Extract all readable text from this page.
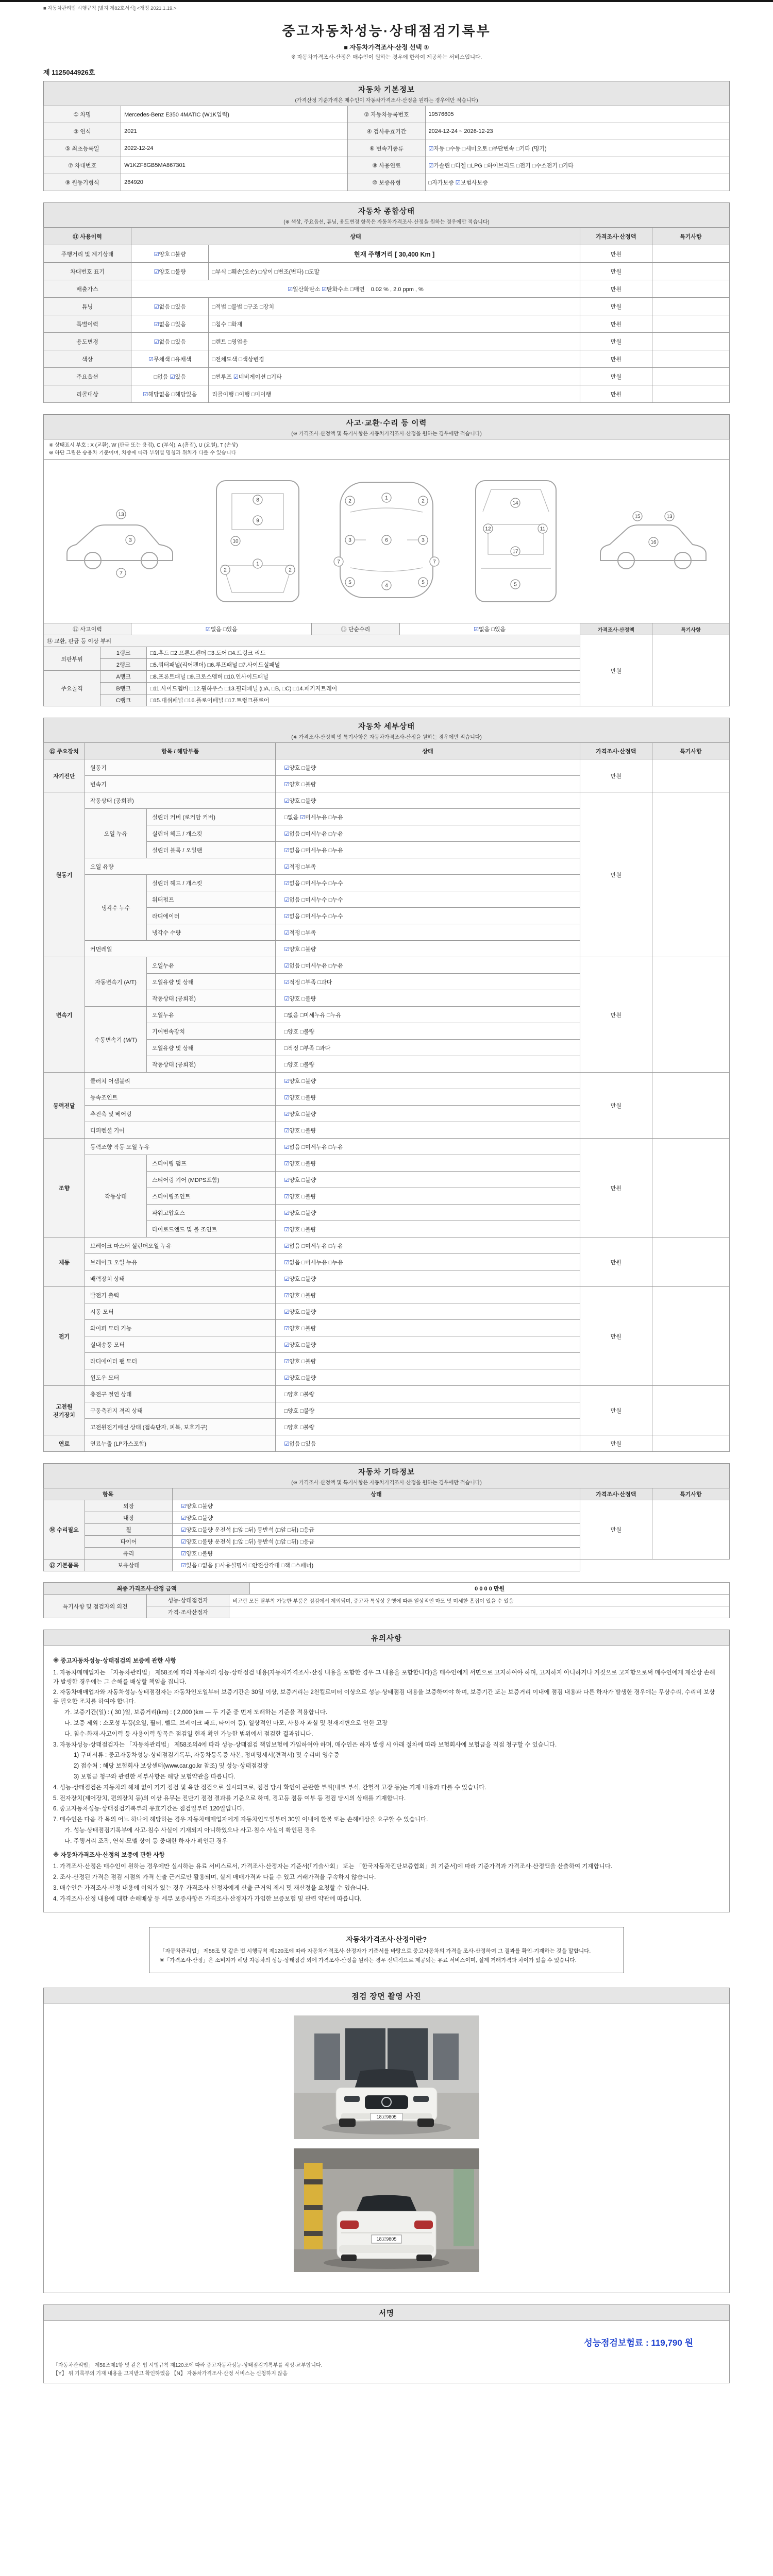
■ 자동차관리법 시행규칙 [별지 제82호서식] <개정 2021.1.19.>
중고자동차성능·상태점검기록부
■ 자동차가격조사·산정 선택 ①
※ 자동차가격조사·산정은 매수인이 원하는 경우에 한하여 제공하는 서비스입니다.
제 1125044926호
자동차 기본정보
(가격산정 기준가격은 매수인이 자동차가격조사·산정을 원하는 경우에만 적습니다)
① 차명	Mercedes-Benz E350 4MATIC (W1K입력)	② 자동차등록번호	19576605
③ 연식	2021	④ 검사유효기간	2024-12-24 ~ 2026-12-23
⑤ 최초등록일	2022-12-24	⑥ 변속기종류	☑자동 □수동 □세미오토 □무단변속 □기타 (명기)
⑦ 차대번호	W1KZF8GB5MA867301	⑧ 사용연료	☑가솔린 □디젤 □LPG □하이브리드 □전기 □수소전기 □기타
⑨ 원동기형식	264920	⑩ 보증유형	□자가보증 ☑보험사보증
자동차 종합상태
(※ 색상, 주요옵션, 튜닝, 용도변경 항목은 자동차가격조사·산정을 원하는 경우에만 적습니다)
⑪ 사용이력	상태		가격조사·산정액	특기사항
주행거리 및 계기상태	☑양호 □불량	현재 주행거리 [ 30,400 Km ]	만원	
차대번호 표기	☑양호 □불량	□부식 □훼손(오손) □상이 □변조(변타) □도말	만원	
배출가스	☑일산화탄소 ☑탄화수소 □매연    0.02 % , 2.0 ppm , %		만원	
튜닝	☑없음 □있음	□적법 □불법 □구조 □장치	만원	
특별이력	☑없음 □있음	□침수 □화재	만원	
용도변경	☑없음 □있음	□렌트 □영업용	만원	
색상	☑무채색 □유채색	□전체도색 □색상변경	만원	
주요옵션	□없음 ☑있음	□썬루프 ☑네비게이션 □기타	만원	
리콜대상	☑해당없음 □해당있음	리콜이행 □이행 □미이행	만원	
사고·교환·수리 등 이력
(※ 가격조사·산정액 및 특기사항은 자동차가격조사·산정을 원하는 경우에만 적습니다)
※ 상태표시 부호 : X (교환), W (판금 또는 용접), C (부식), A (흠집), U (요철), T (손상)
※ 하단 그림은 승용차 기준이며, 차종에 따라 부위별 명칭과 위치가 다를 수 있습니다
13
3
7
8
9
10
1
2	2
1
2	2
3	3
6
7	7
5	5
4
14
12	11
17
5
15	13
16
⑫ 사고이력	☑없음 □있음	⑬ 단순수리	☑없음 □있음	가격조사·산정액	특기사항
⑭ 교환, 판금 등 이상 부위			만원	
외판부위	1랭크	□1.후드 □2.프론트펜더 □3.도어 □4.트렁크 리드		
	2랭크	□5.쿼터패널(리어펜더) □6.루프패널 □7.사이드실패널		
주요골격	A랭크	□8.프론트패널 □9.크로스멤버 □10.인사이드패널		
	B랭크	□11.사이드멤버 □12.휠하우스 □13.필러패널 (□A, □B, □C) □14.패키지트레이		
	C랭크	□15.대쉬패널 □16.플로어패널 □17.트렁크플로어		
자동차 세부상태
(※ 가격조사·산정액 및 특기사항은 자동차가격조사·산정을 원하는 경우에만 적습니다)
⑮ 주요장치	항목 / 해당부품		상태	가격조사·산정액	특기사항
자기진단	원동기		☑양호 □불량	만원	
	변속기		☑양호 □불량		
원동기	작동상태 (공회전)		☑양호 □불량	만원	
	오일 누유	실린더 커버 (로커암 커버)	□없음 ☑미세누유 □누유		
		실린더 헤드 / 개스킷	☑없음 □미세누유 □누유		
		실린더 블록 / 오일팬	☑없음 □미세누유 □누유		
	오일 유량		☑적정 □부족		
	냉각수 누수	실린더 헤드 / 개스킷	☑없음 □미세누수 □누수		
		워터펌프	☑없음 □미세누수 □누수		
		라디에이터	☑없음 □미세누수 □누수		
		냉각수 수량	☑적정 □부족		
	커먼레일		☑양호 □불량		
변속기	자동변속기 (A/T)	오일누유	☑없음 □미세누유 □누유	만원	
		오일유량 및 상태	☑적정 □부족 □과다		
		작동상태 (공회전)	☑양호 □불량		
	수동변속기 (M/T)	오일누유	□없음 □미세누유 □누유		
		기어변속장치	□양호 □불량		
		오일유량 및 상태	□적정 □부족 □과다		
		작동상태 (공회전)	□양호 □불량		
동력전달	클러치 어셈블리		☑양호 □불량	만원	
	등속조인트		☑양호 □불량		
	추진축 및 베어링		☑양호 □불량		
	디퍼렌셜 기어		☑양호 □불량		
조향	동력조향 작동 오일 누유		☑없음 □미세누유 □누유	만원	
	작동상태	스티어링 펌프	☑양호 □불량		
		스티어링 기어 (MDPS포함)	☑양호 □불량		
		스티어링조인트	☑양호 □불량		
		파워고압호스	☑양호 □불량		
		타이로드엔드 및 볼 조인트	☑양호 □불량		
제동	브레이크 마스터 실린더오일 누유		☑없음 □미세누유 □누유	만원	
	브레이크 오일 누유		☑없음 □미세누유 □누유		
	배력장치 상태		☑양호 □불량		
전기	발전기 출력		☑양호 □불량	만원	
	시동 모터		☑양호 □불량		
	와이퍼 모터 기능		☑양호 □불량		
	실내송풍 모터		☑양호 □불량		
	라디에이터 팬 모터		☑양호 □불량		
	윈도우 모터		☑양호 □불량		
고전원 전기장치	충전구 절연 상태		□양호 □불량	만원	
	구동축전지 격리 상태		□양호 □불량		
	고전원전기배선 상태 (접속단자, 피복, 보호기구)		□양호 □불량		
연료	연료누출 (LP가스포함)		☑없음 □있음	만원	
자동차 기타정보
(※ 가격조사·산정액 및 특기사항은 자동차가격조사·산정을 원하는 경우에만 적습니다)
항목		상태	가격조사·산정액	특기사항
⑯ 수리필요	외장	☑양호 □불량	만원	
	내장	☑양호 □불량		
	휠	☑양호 □불량 운전석 (□앞 □뒤) 동반석 (□앞 □뒤) □응급		
	타이어	☑양호 □불량 운전석 (□앞 □뒤) 동반석 (□앞 □뒤) □응급		
	유리	☑양호 □불량		
⑰ 기본품목	보유상태	☑있음 □없음 (□사용설명서 □안전삼각대 □잭 □스패너)		
최종 가격조사·산정 금액	0 0 0 0 만원
특기사항 및 점검자의 의견	성능·상태점검자	비고란 모든 탈부착 가능한 부품은 점검에서 제외되며, 중고차 특성상 운행에 따른 일상적인 마모 및 미세한 흠집이 있을 수 있음
	가격·조사산정자	
유의사항

※ 중고자동차성능·상태점검의 보증에 관한 사항

1. 자동차매매업자는 「자동차관리법」 제58조에 따라 자동차의 성능·상태점검 내용(자동차가격조사·산정 내용을 포함한 경우 그 내용을 포함합니다)을 매수인에게 서면으로 고지하여야 하며, 고지하지 아니하거나 거짓으로 고지함으로써 매수인에게 재산상 손해가 발생한 경우에는 그 손해를 배상할 책임을 집니다.

2. 자동차매매업자와 자동차성능·상태점검자는 자동차인도일부터 보증기간은 30일 이상, 보증거리는 2천킬로미터 이상으로 성능·상태점검 내용을 보증하여야 하며, 보증기간 또는 보증거리 이내에 점검 내용과 다른 하자가 발생한 경우에는 무상수리, 수리비 보상 등 필요한 조치를 하여야 합니다.

가. 보증기간(일) : ( 30 )일, 보증거리(km) : ( 2,000 )km — 두 기준 중 먼저 도래하는 기준을 적용합니다.

나. 보증 제외 : 소모성 부품(오일, 필터, 벨트, 브레이크 패드, 타이어 등), 일상적인 마모, 사용자 과실 및 천재지변으로 인한 고장

다. 침수·화재·사고이력 등 사용이력 항목은 점검일 현재 확인 가능한 범위에서 점검한 결과입니다.

3. 자동차성능·상태점검자는 「자동차관리법」 제58조의4에 따라 성능·상태점검 책임보험에 가입하여야 하며, 매수인은 하자 발생 시 아래 절차에 따라 보험회사에 보험금을 직접 청구할 수 있습니다.

1) 구비서류 : 중고자동차성능·상태점검기록부, 자동차등록증 사본, 정비명세서(견적서) 및 수리비 영수증

2) 접수처 : 해당 보험회사 보상센터(www.car.go.kr 참조) 및 성능·상태점검장

3) 보험금 청구와 관련한 세부사항은 해당 보험약관을 따릅니다.

4. 성능·상태점검은 자동차의 해체 없이 기기 점검 및 육안 점검으로 실시되므로, 점검 당시 확인이 곤란한 부위(내부 부식, 간헐적 고장 등)는 기재 내용과 다를 수 있습니다.

5. 전자장치(제어장치, 편의장치 등)의 이상 유무는 진단기 점검 결과를 기준으로 하며, 경고등 점등 여부 등 점검 당시의 상태를 기재합니다.

6. 중고자동차성능·상태점검기록부의 유효기간은 점검일부터 120일입니다.

7. 매수인은 다음 각 목의 어느 하나에 해당하는 경우 자동차매매업자에게 자동차인도일부터 30일 이내에 환불 또는 손해배상을 요구할 수 있습니다.

가. 성능·상태점검기록부에 사고·침수 사실이 기재되지 아니하였으나 사고·침수 사실이 확인된 경우

나. 주행거리 조작, 연식·모델 상이 등 중대한 하자가 확인된 경우

※ 자동차가격조사·산정의 보증에 관한 사항

1. 가격조사·산정은 매수인이 원하는 경우에만 실시하는 유료 서비스로서, 가격조사·산정자는 기준서(「기술사회」 또는 「한국자동차진단보증협회」의 기준서)에 따라 기준가격과 가격조사·산정액을 산출하여 기재합니다.

2. 조사·산정된 가격은 점검 시점의 가격 산출 근거로만 활용되며, 실제 매매가격과 다를 수 있고 거래가격을 구속하지 않습니다.

3. 매수인은 가격조사·산정 내용에 이의가 있는 경우 가격조사·산정자에게 산출 근거의 제시 및 재산정을 요청할 수 있습니다.

4. 가격조사·산정 내용에 대한 손해배상 등 세부 보증사항은 가격조사·산정자가 가입한 보증보험 및 관련 약관에 따릅니다.

자동차가격조사·산정이란?
「자동차관리법」 제58조 및 같은 법 시행규칙 제120조에 따라 자동차가격조사·산정자가 기준서를 바탕으로 중고자동차의 가격을 조사·산정하여 그 결과를 확인·기재하는 것을 말합니다.
※「가격조사·산정」은 소비자가 해당 자동차의 성능·상태점검 외에 가격조사·산정을 원하는 경우 선택적으로 제공되는 유료 서비스이며, 실제 거래가격과 차이가 있을 수 있습니다.
점검 장면 촬영 사진
18고9805
18고9805
서명
성능점검보험료 : 119,790 원
「자동차관리법」 제58조제1항 및 같은 법 시행규칙 제120조에 따라 중고자동차성능·상태점검기록부를 작성·교부합니다.
【Y】 위 기록부의 기재 내용을 고지받고 확인하였음 【N】 자동차가격조사·산정 서비스는 신청하지 않음
